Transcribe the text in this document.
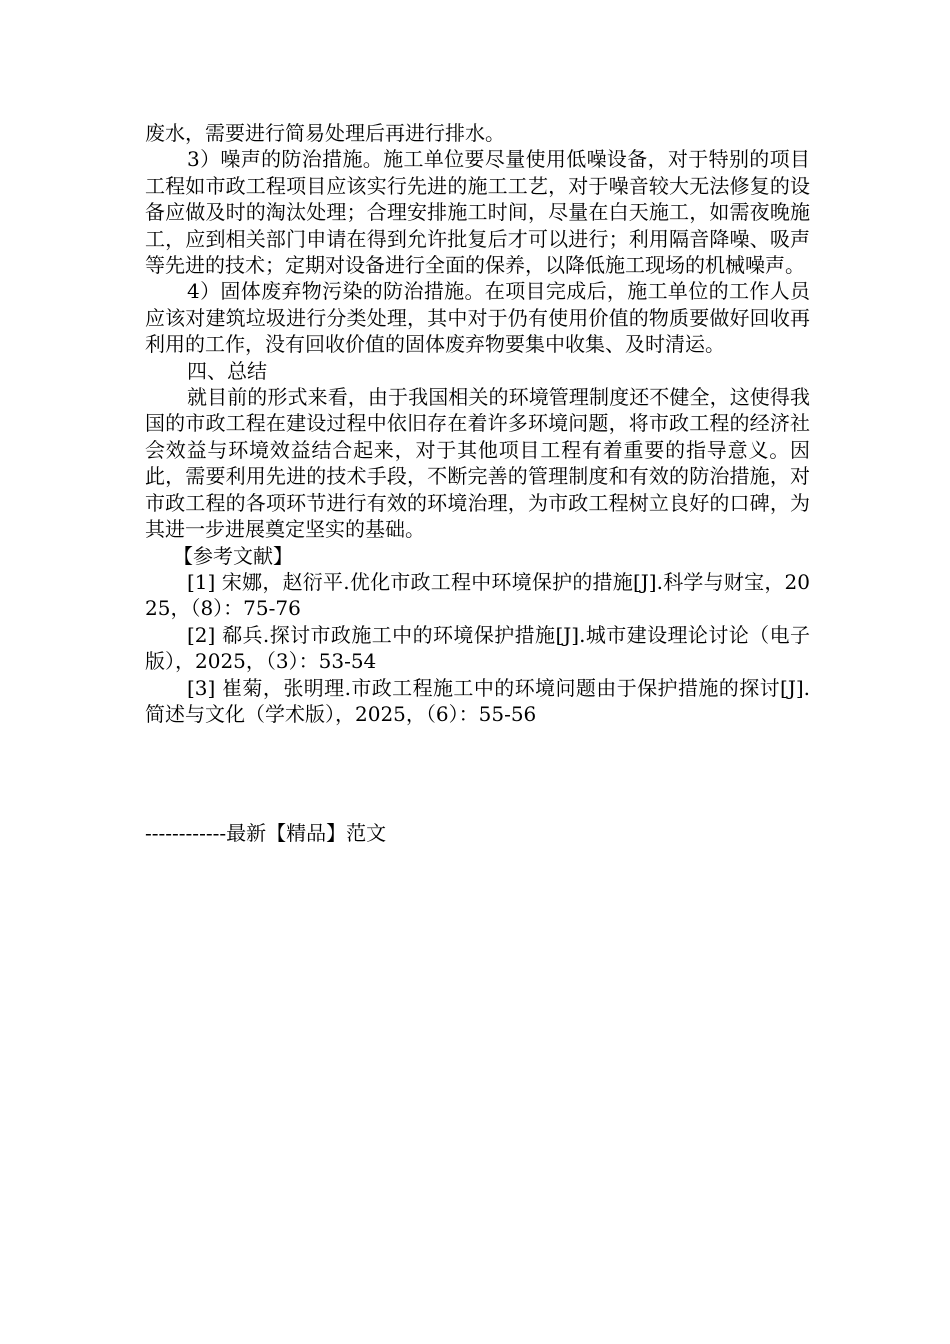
废水，需要进行简易处理后再进行排水。

3）噪声的防治措施。施工单位要尽量使用低噪设备，对于特别的项目工程如市政工程项目应该实行先进的施工工艺，对于噪音较大无法修复的设备应做及时的淘汰处理；合理安排施工时间，尽量在白天施工，如需夜晚施工，应到相关部门申请在得到允许批复后才可以进行；利用隔音降噪、吸声等先进的技术；定期对设备进行全面的保养，以降低施工现场的机械噪声。

4）固体废弃物污染的防治措施。在项目完成后，施工单位的工作人员应该对建筑垃圾进行分类处理，其中对于仍有使用价值的物质要做好回收再利用的工作，没有回收价值的固体废弃物要集中收集、及时清运。

四、总结

就目前的形式来看，由于我国相关的环境管理制度还不健全，这使得我国的市政工程在建设过程中依旧存在着许多环境问题，将市政工程的经济社会效益与环境效益结合起来，对于其他项目工程有着重要的指导意义。因此，需要利用先进的技术手段，不断完善的管理制度和有效的防治措施，对市政工程的各项环节进行有效的环境治理，为市政工程树立良好的口碑，为其进一步进展奠定坚实的基础。

【参考文献】

[1] 宋娜，赵衍平.优化市政工程中环境保护的措施[J].科学与财宝，2025，（8）：75-76

[2] 郗兵.探讨市政施工中的环境保护措施[J].城市建设理论讨论（电子版），2025，（3）：53-54

[3] 崔菊，张明理.市政工程施工中的环境问题由于保护措施的探讨[J].简述与文化（学术版），2025，（6）：55-56

------------最新【精品】范文
